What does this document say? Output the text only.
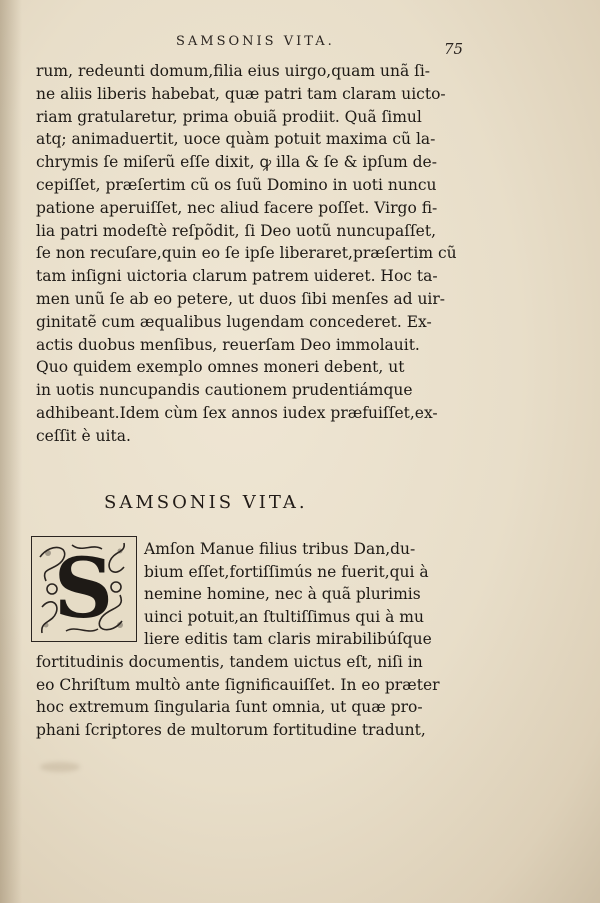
SAMSONIS VITA.	75
rum, redeunti domum,filia eius uirgo,quam unã ſi-
ne aliis liberis habebat, quæ patri tam claram uicto-
riam gratularetur, prima obuiã prodiit. Quã ſimul
atq; animaduertit, uoce quàm potuit maxima cũ la-
chrymis ſe miſerũ eſſe dixit, ꝙ illa & ſe & ipſum de-
cepiſſet, præſertim cũ os ſuũ Domino in uoti nuncu
patione aperuiſſet, nec aliud facere poſſet. Virgo fi-
lia patri modeſtè reſpõdit, ſi Deo uotũ nuncupaſſet,
ſe non recuſare,quin eo ſe ipſe liberaret,præſertim cũ
tam inſigni uictoria clarum patrem uideret. Hoc ta-
men unũ ſe ab eo petere, ut duos ſibi menſes ad uir-
ginitatẽ cum æqualibus lugendam concederet. Ex-
actis duobus menſibus, reuerſam Deo immolauit.
Quo quidem exemplo omnes moneri debent, ut
in uotis nuncupandis cautionem prudentiámque
adhibeant.Idem cùm ſex annos iudex præfuiſſet,ex-
ceſſit è uita.
SAMSONIS VITA.
S	Amſon Manue filius tribus Dan,du-
bium eſſet,fortiſſimús ne fuerit,qui à
nemine homine, nec à quã plurimis
uinci potuit,an ſtultiſſimus qui à mu
liere editis tam claris mirabilibúſque
fortitudinis documentis, tandem uictus eſt, niſi in
eo Chriſtum multò ante ſignificauiſſet. In eo præter
hoc extremum ſingularia ſunt omnia, ut quæ pro-
phani ſcriptores de multorum fortitudine tradunt,
